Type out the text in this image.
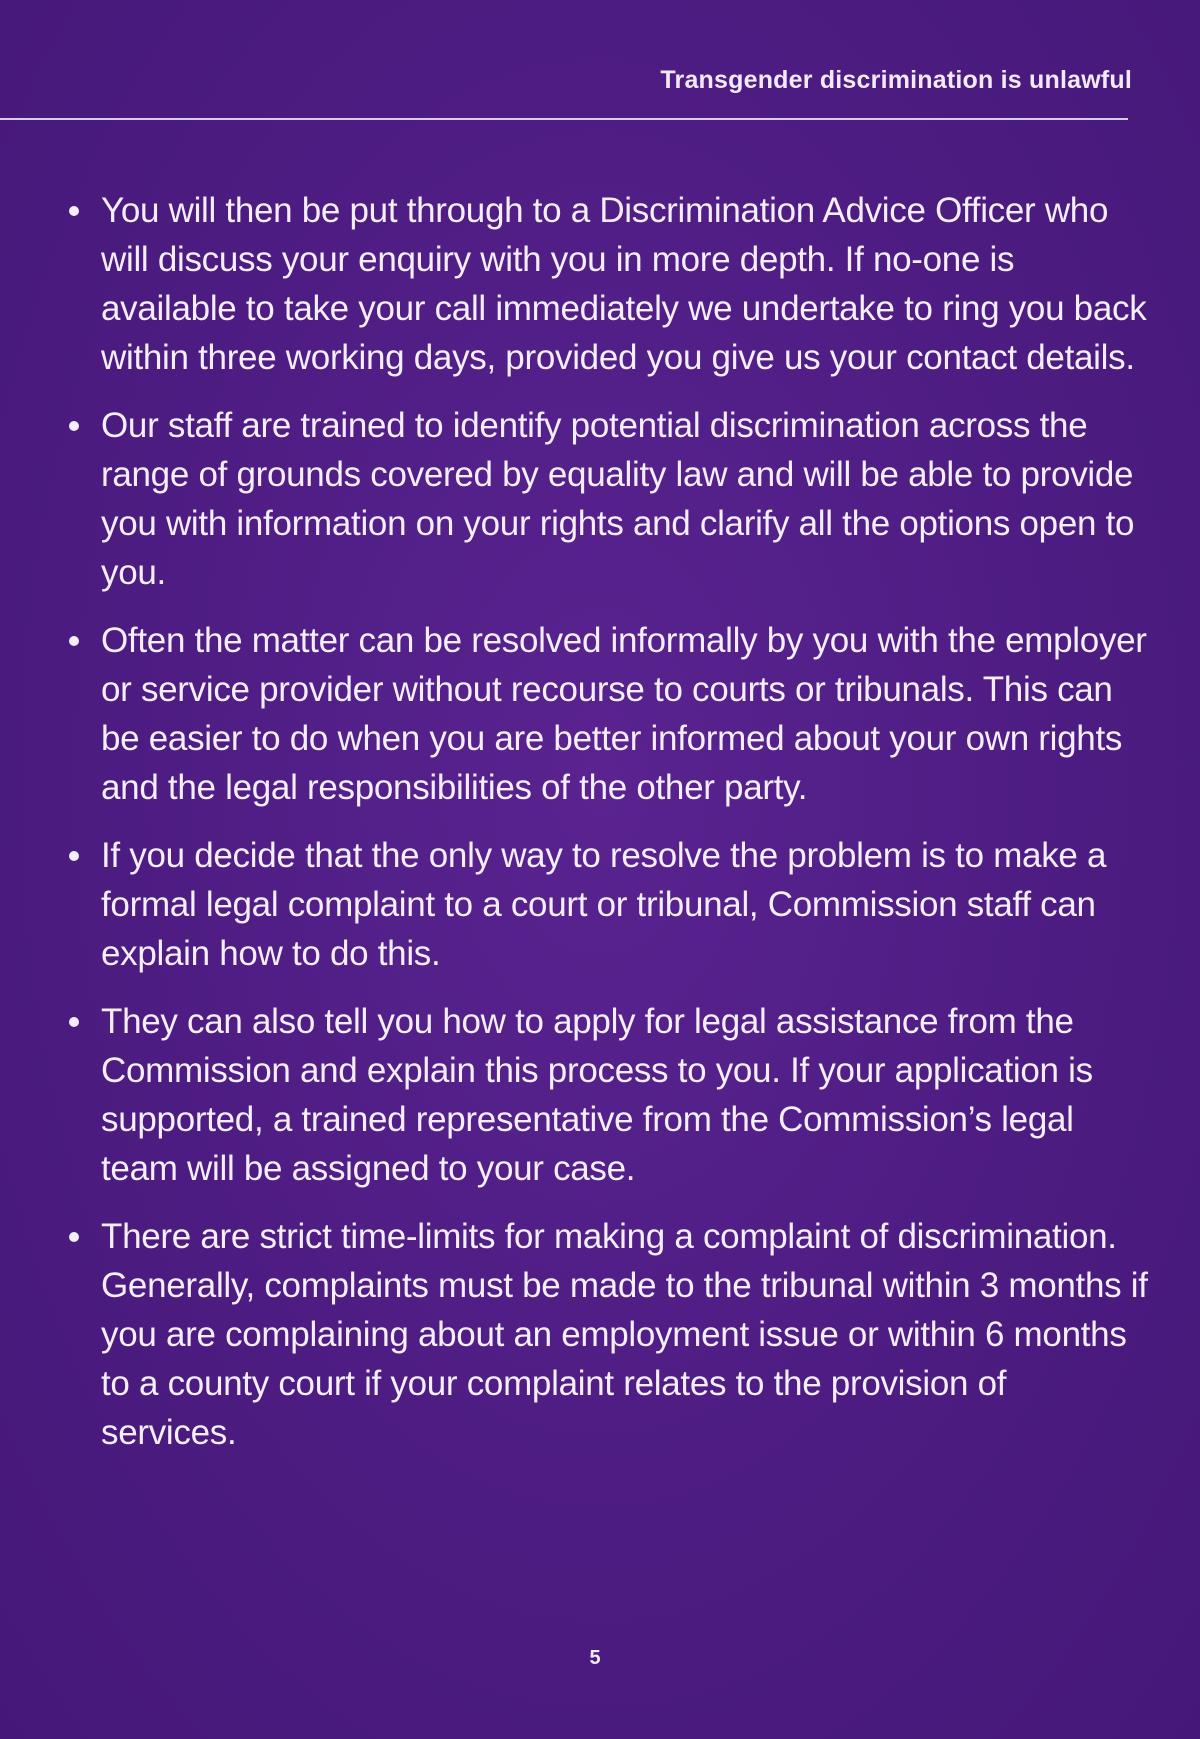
Transgender discrimination is unlawful
You will then be put through to a Discrimination Advice Officer who will discuss your enquiry with you in more depth. If no-one is available to take your call immediately we undertake to ring you back within three working days, provided you give us your contact details.
Our staff are trained to identify potential discrimination across the range of grounds covered by equality law and will be able to provide you with information on your rights and clarify all the options open to you.
Often the matter can be resolved informally by you with the employer or service provider without recourse to courts or tribunals. This can be easier to do when you are better informed about your own rights and the legal responsibilities of the other party.
If you decide that the only way to resolve the problem is to make a formal legal complaint to a court or tribunal, Commission staff can explain how to do this.
They can also tell you how to apply for legal assistance from the Commission and explain this process to you. If your application is supported, a trained representative from the Commission’s legal team will be assigned to your case.
There are strict time-limits for making a complaint of discrimination. Generally, complaints must be made to the tribunal within 3 months if you are complaining about an employment issue or within 6 months to a county court if your complaint relates to the provision of services.
5
